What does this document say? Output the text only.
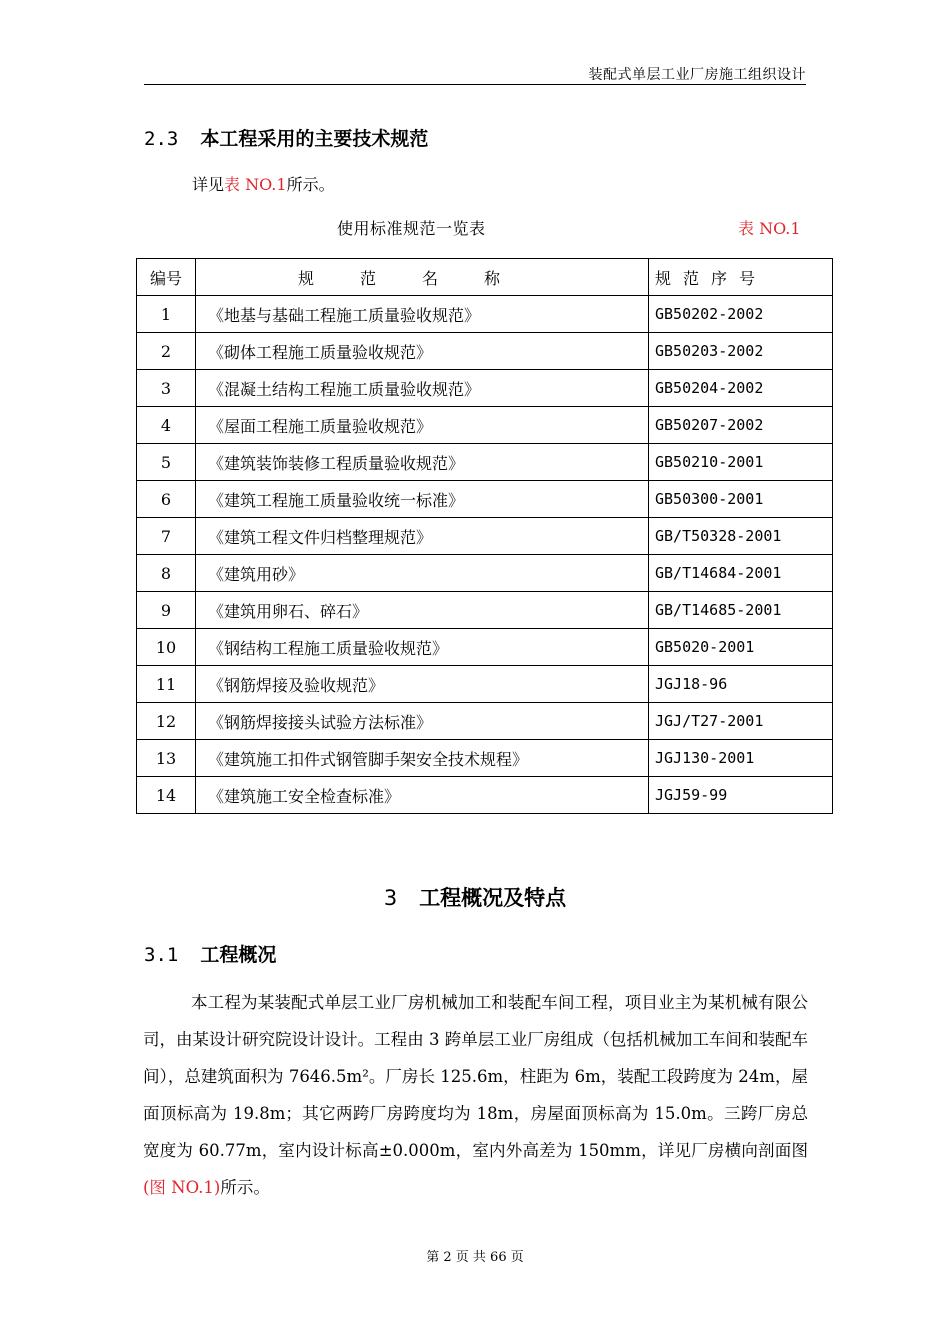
装配式单层工业厂房施工组织设计
2.3 本工程采用的主要技术规范
详见表 NO.1所示。
使用标准规范一览表	表 NO.1
编号	规范名称	规范序号
1	《地基与基础工程施工质量验收规范》	GB50202-2002
2	《砌体工程施工质量验收规范》	GB50203-2002
3	《混凝土结构工程施工质量验收规范》	GB50204-2002
4	《屋面工程施工质量验收规范》	GB50207-2002
5	《建筑装饰装修工程质量验收规范》	GB50210-2001
6	《建筑工程施工质量验收统一标准》	GB50300-2001
7	《建筑工程文件归档整理规范》	GB/T50328-2001
8	《建筑用砂》	GB/T14684-2001
9	《建筑用卵石、碎石》	GB/T14685-2001
10	《钢结构工程施工质量验收规范》	GB5020-2001
11	《钢筋焊接及验收规范》	JGJ18-96
12	《钢筋焊接接头试验方法标准》	JGJ/T27-2001
13	《建筑施工扣件式钢管脚手架安全技术规程》	JGJ130-2001
14	《建筑施工安全检查标准》	JGJ59-99
3 工程概况及特点
3.1 工程概况
本工程为某装配式单层工业厂房机械加工和装配车间工程，项目业主为某机械有限公司，由某设计研究院设计设计。工程由 3 跨单层工业厂房组成（包括机械加工车间和装配车间），总建筑面积为 7646.5m²。厂房长 125.6m，柱距为 6m，装配工段跨度为 24m，屋面顶标高为 19.8m；其它两跨厂房跨度均为 18m，房屋面顶标高为 15.0m。三跨厂房总宽度为 60.77m，室内设计标高±0.000m，室内外高差为 150mm，详见厂房横向剖面图(图 NO.1)所示。
第 2 页 共 66 页
